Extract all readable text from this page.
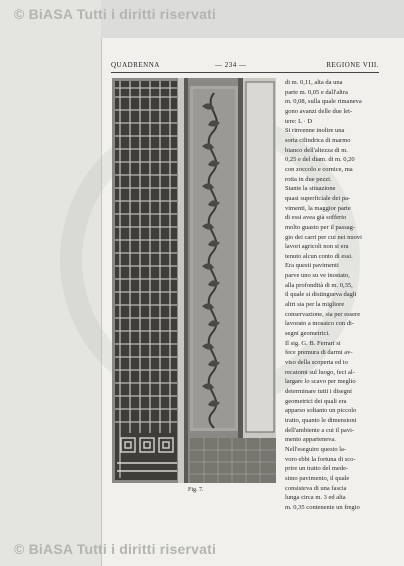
© BiASA Tutti i diritti riservati
© BiASA Tutti i diritti riservati
QUADRENNA	— 234 —	REGIONE VIII.
Fig. 7.
di m. 0,11, alta da una
parte m. 0,05 e dall'altra
m. 0,08, sulla quale rimaneva
gono avanzi delle due let-
tere: L · D
Si rinvenne inoltre una
sorta cilindrica di marmo
bianco dell'altezza di m.
0,25 e del diam. di m. 0,20
con zoccolo e cornice, ma
rotta in due pezzi.
Stante la situazione
quasi superficiale dei pa-
vimenti, la maggior parte
di essi avea già sofferto
molto guasto per il passag-
gio dei carri per cui nei nuovi
lavori agricoli non si era
tenuto alcun conto di essi.
Era questi pavimenti
parve uno su ve inostato,
alla profondità di m. 0,35,
il quale si distingueva dagli
altri sia per la migliore
conservazione, sia per essere
lavorato a mosaico con di-
segni geometrici.
Il sig. G. B. Ferrari si
fece premura di darmi av-
viso della scoperta ed io
recatomi sul luogo, feci al-
largare lo scavo per meglio
determinare tutti i disegni
geometrici dei quali era
apparso soltanto un piccolo
tratto, quanto le dimensioni
dell'ambiente a cui il pavi-
mento apparteneva.
Nell'eseguire questo la-
voro ebbi la fortuna di sco-
prire un tratto del mede-
simo pavimento, il quale
consisteva di una fascia
lunga circa m. 3 ed alta
m. 0,35 contenente un fregio
